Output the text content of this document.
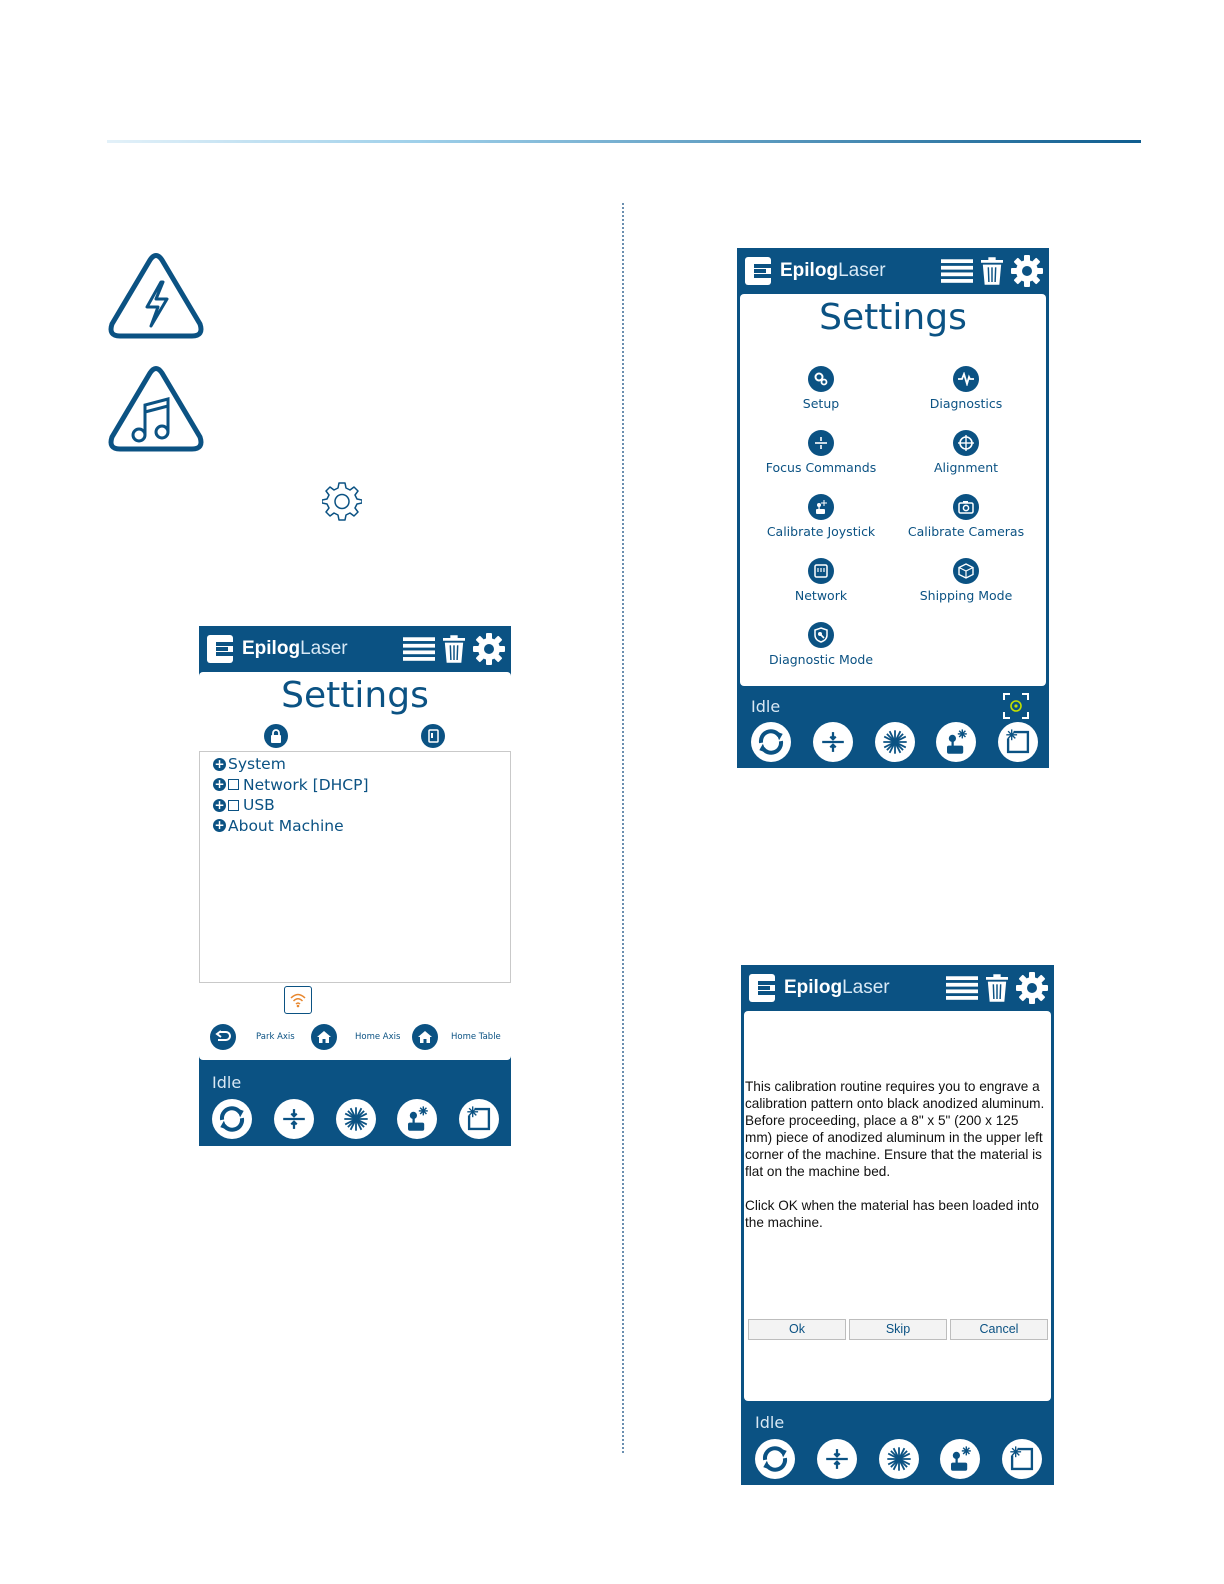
EpilogLaser
Settings
+ System
+ Network [DHCP]
+ USB
+ About Machine
Park Axis	Home Axis	Home Table
Idle
EpilogLaser
Settings
Setup	Diagnostics
Focus Commands	Alignment
Calibrate Joystick	Calibrate Cameras
Network	Shipping Mode
Diagnostic Mode
Idle
EpilogLaser

This calibration routine requires you to engrave a calibration pattern onto black anodized aluminum. Before proceeding, place a 8" x 5" (200 x 125 mm) piece of anodized aluminum in the upper left corner of the machine. Ensure that the material is flat on the machine bed.

Click OK when the material has been loaded into the machine.

Ok	Skip	Cancel
Idle
